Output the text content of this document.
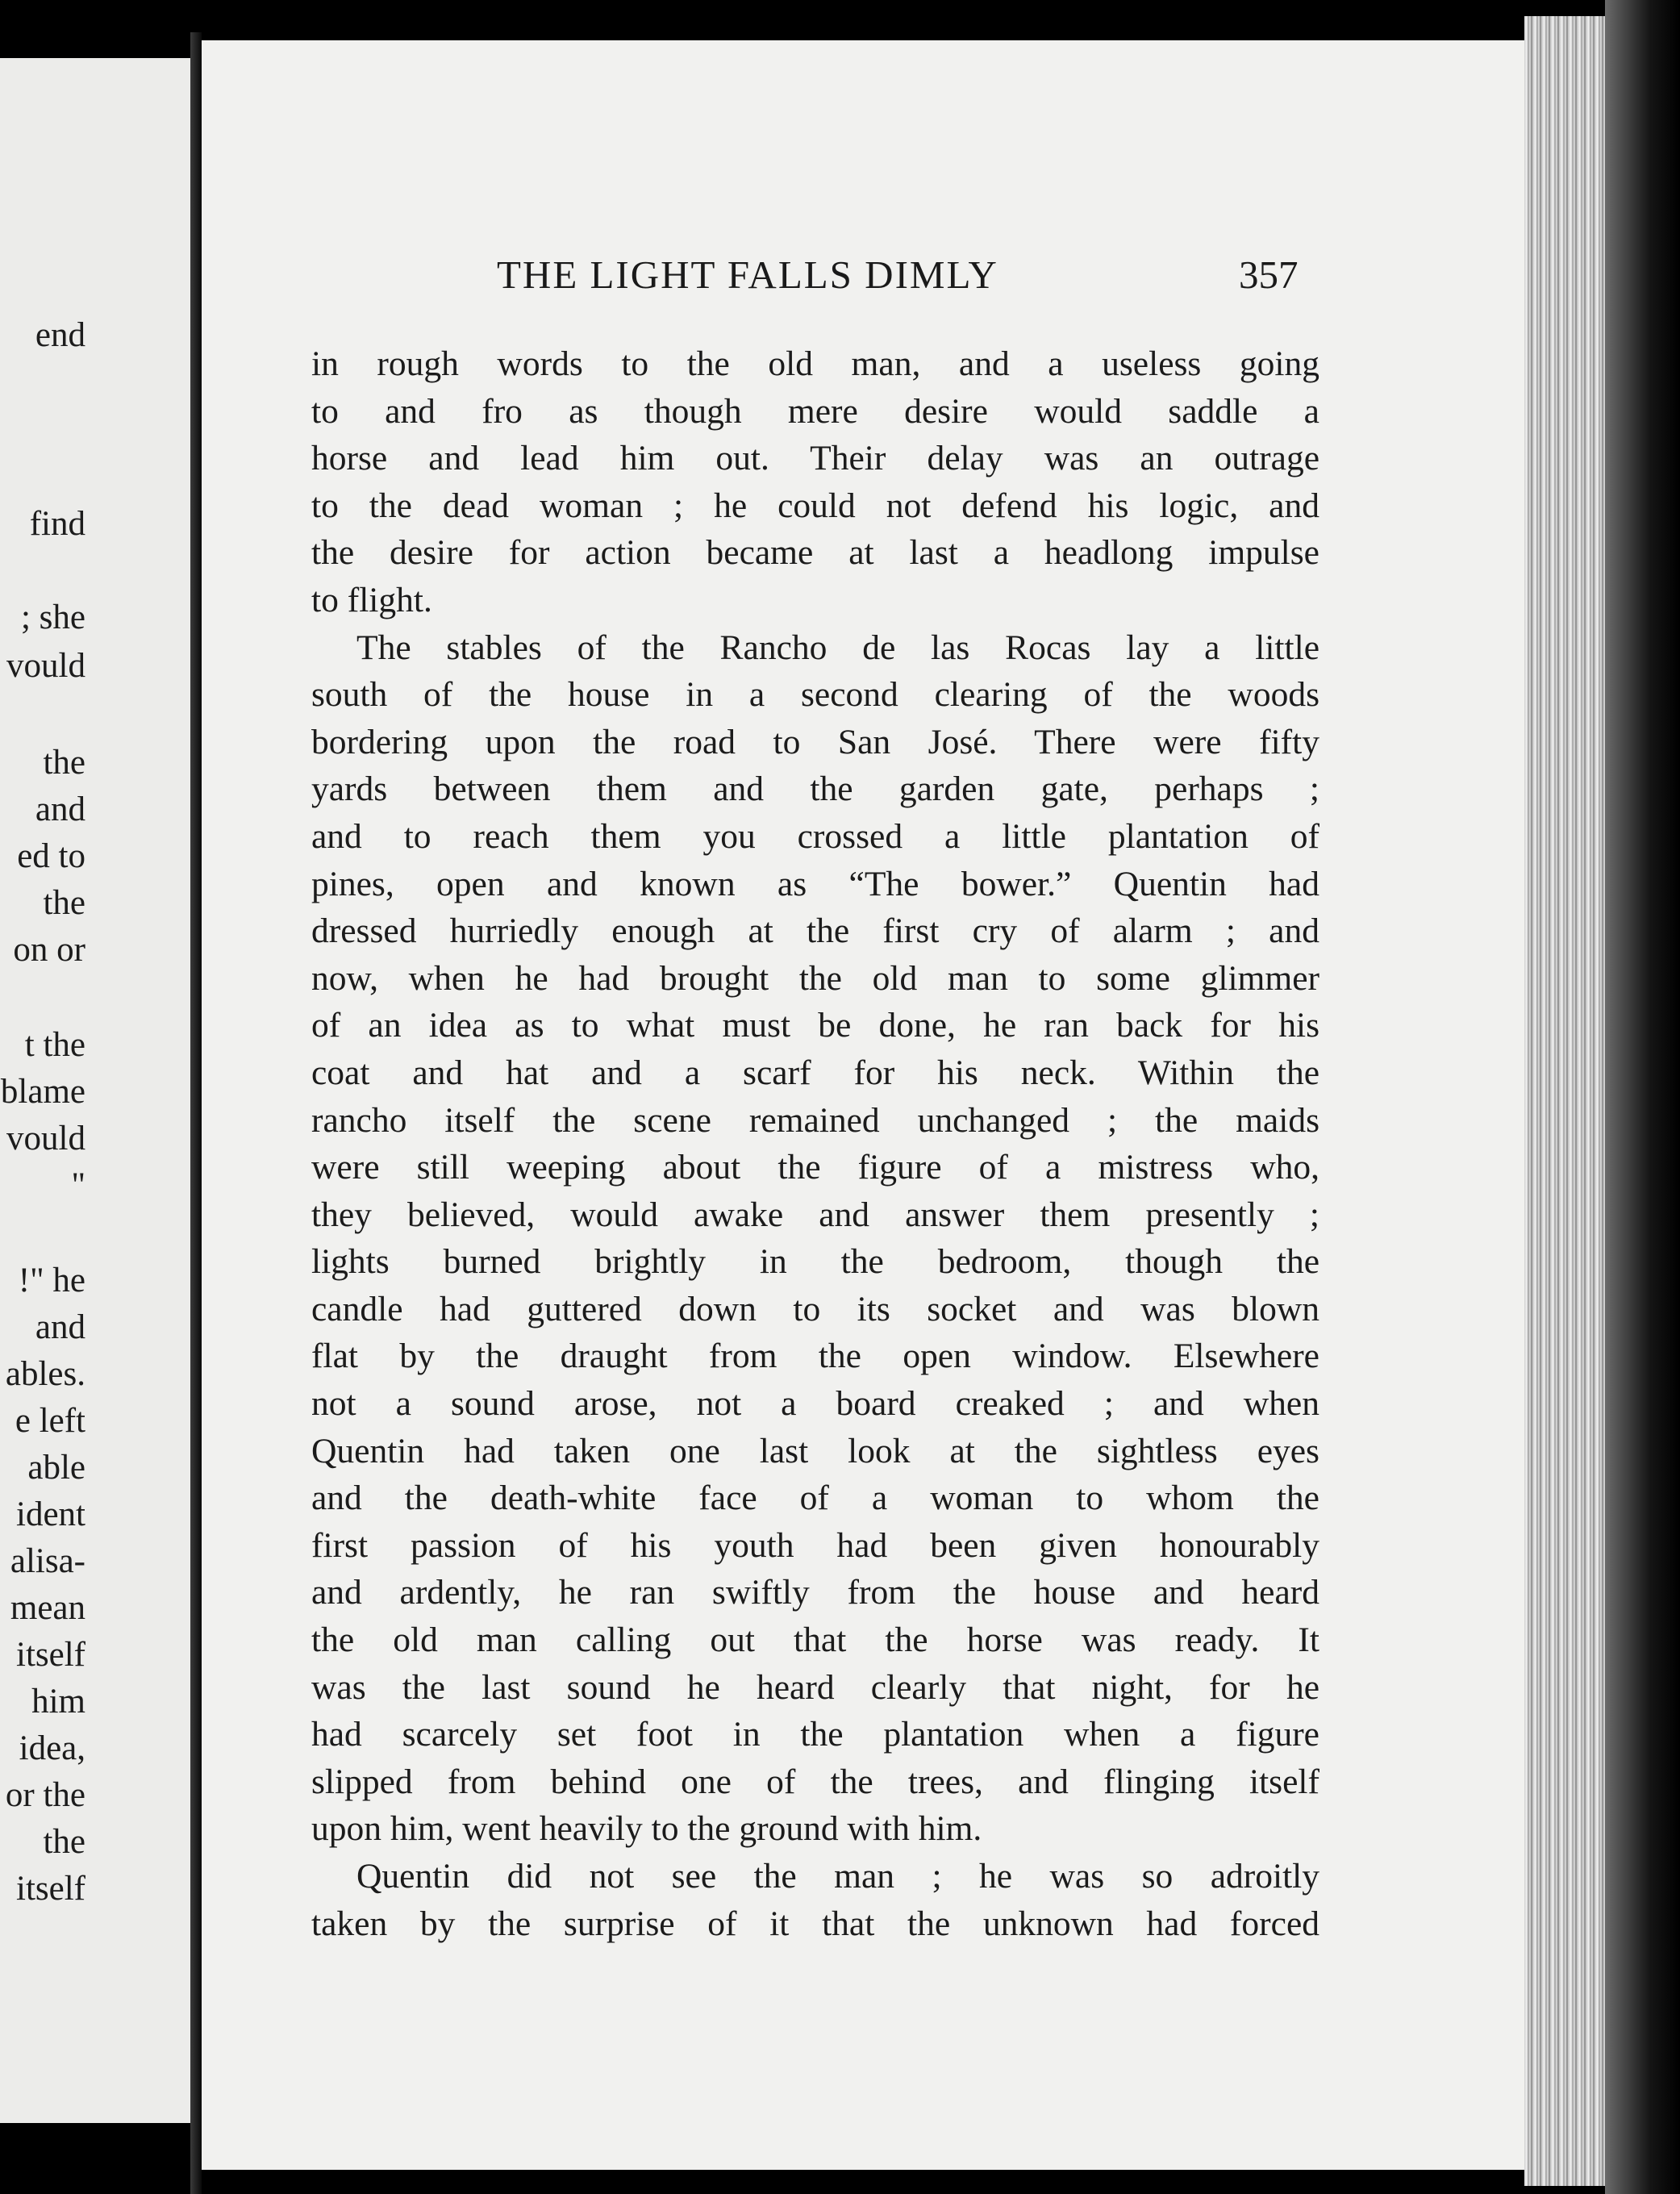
end
find
; she
vould
the
and
ed to
the
on or
t the
blame
vould
"
!" he
and
ables.
e left
able
ident
alisa-
mean
itself
him
idea,
or the
the
itself
THE LIGHT FALLS DIMLY	357
in rough words to the old man, and a useless going
to and fro as though mere desire would saddle a
horse and lead him out. Their delay was an outrage
to the dead woman ; he could not defend his logic, and
the desire for action became at last a headlong impulse
to flight.
The stables of the Rancho de las Rocas lay a little
south of the house in a second clearing of the woods
bordering upon the road to San José. There were fifty
yards between them and the garden gate, perhaps ;
and to reach them you crossed a little plantation of
pines, open and known as “The bower.” Quentin had
dressed hurriedly enough at the first cry of alarm ; and
now, when he had brought the old man to some glimmer
of an idea as to what must be done, he ran back for his
coat and hat and a scarf for his neck. Within the
rancho itself the scene remained unchanged ; the maids
were still weeping about the figure of a mistress who,
they believed, would awake and answer them presently ;
lights burned brightly in the bedroom, though the
candle had guttered down to its socket and was blown
flat by the draught from the open window. Elsewhere
not a sound arose, not a board creaked ; and when
Quentin had taken one last look at the sightless eyes
and the death-white face of a woman to whom the
first passion of his youth had been given honourably
and ardently, he ran swiftly from the house and heard
the old man calling out that the horse was ready. It
was the last sound he heard clearly that night, for he
had scarcely set foot in the plantation when a figure
slipped from behind one of the trees, and flinging itself
upon him, went heavily to the ground with him.
Quentin did not see the man ; he was so adroitly
taken by the surprise of it that the unknown had forced
